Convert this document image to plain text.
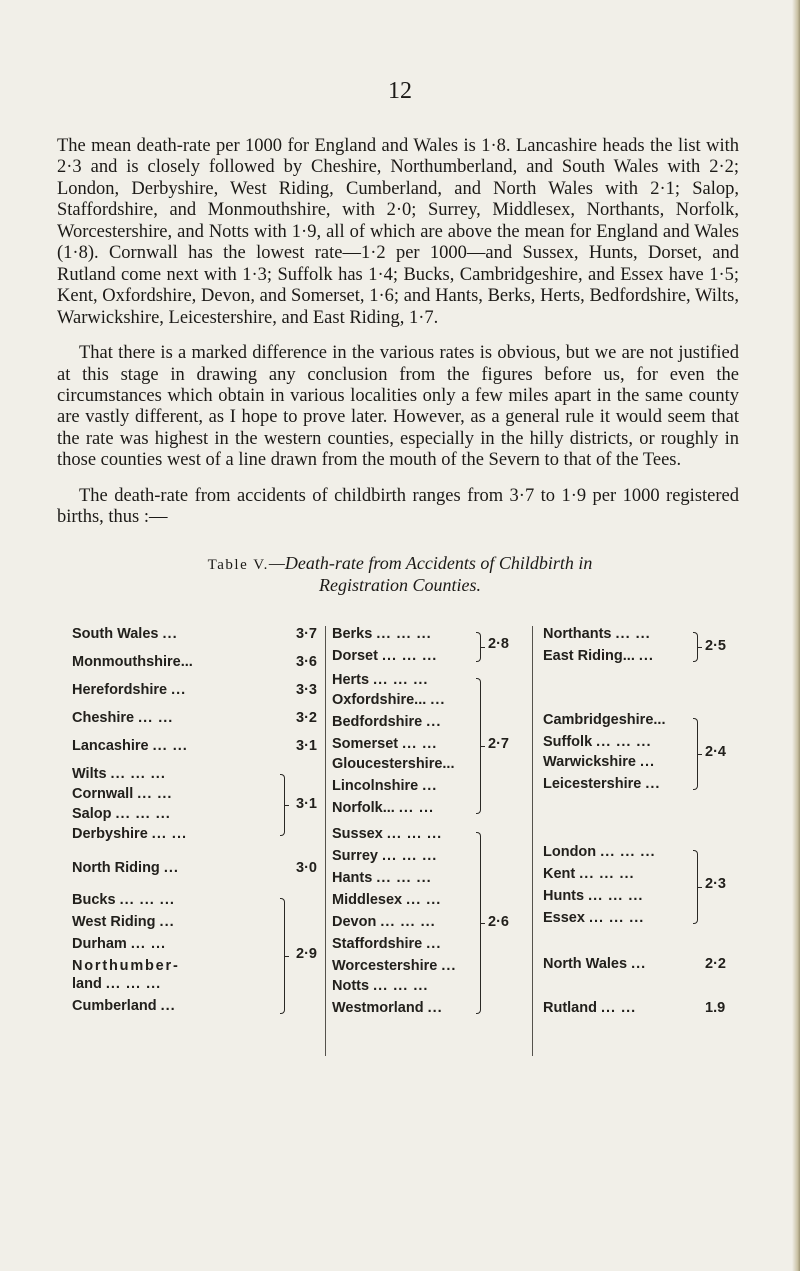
12

The mean death-rate per 1000 for England and Wales is 1·8. Lancashire heads the list with 2·3 and is closely followed by Cheshire, Northumberland, and South Wales with 2·2; London, Derbyshire, West Riding, Cumberland, and North Wales with 2·1; Salop, Staffordshire, and Monmouthshire, with 2·0; Surrey, Middlesex, Northants, Norfolk, Worcestershire, and Notts with 1·9, all of which are above the mean for England and Wales (1·8). Cornwall has the lowest rate—1·2 per 1000—and Sussex, Hunts, Dorset, and Rutland come next with 1·3; Suffolk has 1·4; Bucks, Cambridgeshire, and Essex have 1·5; Kent, Oxfordshire, Devon, and Somerset, 1·6; and Hants, Berks, Herts, Bedfordshire, Wilts, Warwickshire, Leicestershire, and East Riding, 1·7.

That there is a marked difference in the various rates is obvious, but we are not justified at this stage in drawing any conclusion from the figures before us, for even the circumstances which obtain in various localities only a few miles apart in the same county are vastly different, as I hope to prove later. However, as a general rule it would seem that the rate was highest in the western counties, especially in the hilly districts, or roughly in those counties west of a line drawn from the mouth of the Severn to that of the Tees.

The death-rate from accidents of childbirth ranges from 3·7 to 1·9 per 1000 registered births, thus :—

Table V.—Death-rate from Accidents of Childbirth in
Registration Counties.
South Wales ...	3·7
Monmouthshire...	3·6
Herefordshire ...	3·3
Cheshire ... ...	3·2
Lancashire ... ...	3·1
Wilts ... ... ...
Cornwall ... ...
Salop ... ... ...
Derbyshire ... ...
3·1
North Riding ...	3·0
Bucks ... ... ...
West Riding ...
Durham ... ...
Northumber-
land ... ... ...
Cumberland ...
2·9
Berks ... ... ...
Dorset ... ... ...
2·8
Herts ... ... ...
Oxfordshire... ...
Bedfordshire ...
Somerset ... ...
Gloucestershire...
Lincolnshire ...
Norfolk... ... ...
2·7
Sussex ... ... ...
Surrey ... ... ...
Hants ... ... ...
Middlesex ... ...
Devon ... ... ...
Staffordshire ...
Worcestershire ...
Notts ... ... ...
Westmorland ...
2·6
Northants ... ...
East Riding... ...
2·5
Cambridgeshire...
Suffolk ... ... ...
Warwickshire ...
Leicestershire ...
2·4
London ... ... ...
Kent ... ... ...
Hunts ... ... ...
Essex ... ... ...
2·3
North Wales ...	2·2
Rutland ... ...	1.9
